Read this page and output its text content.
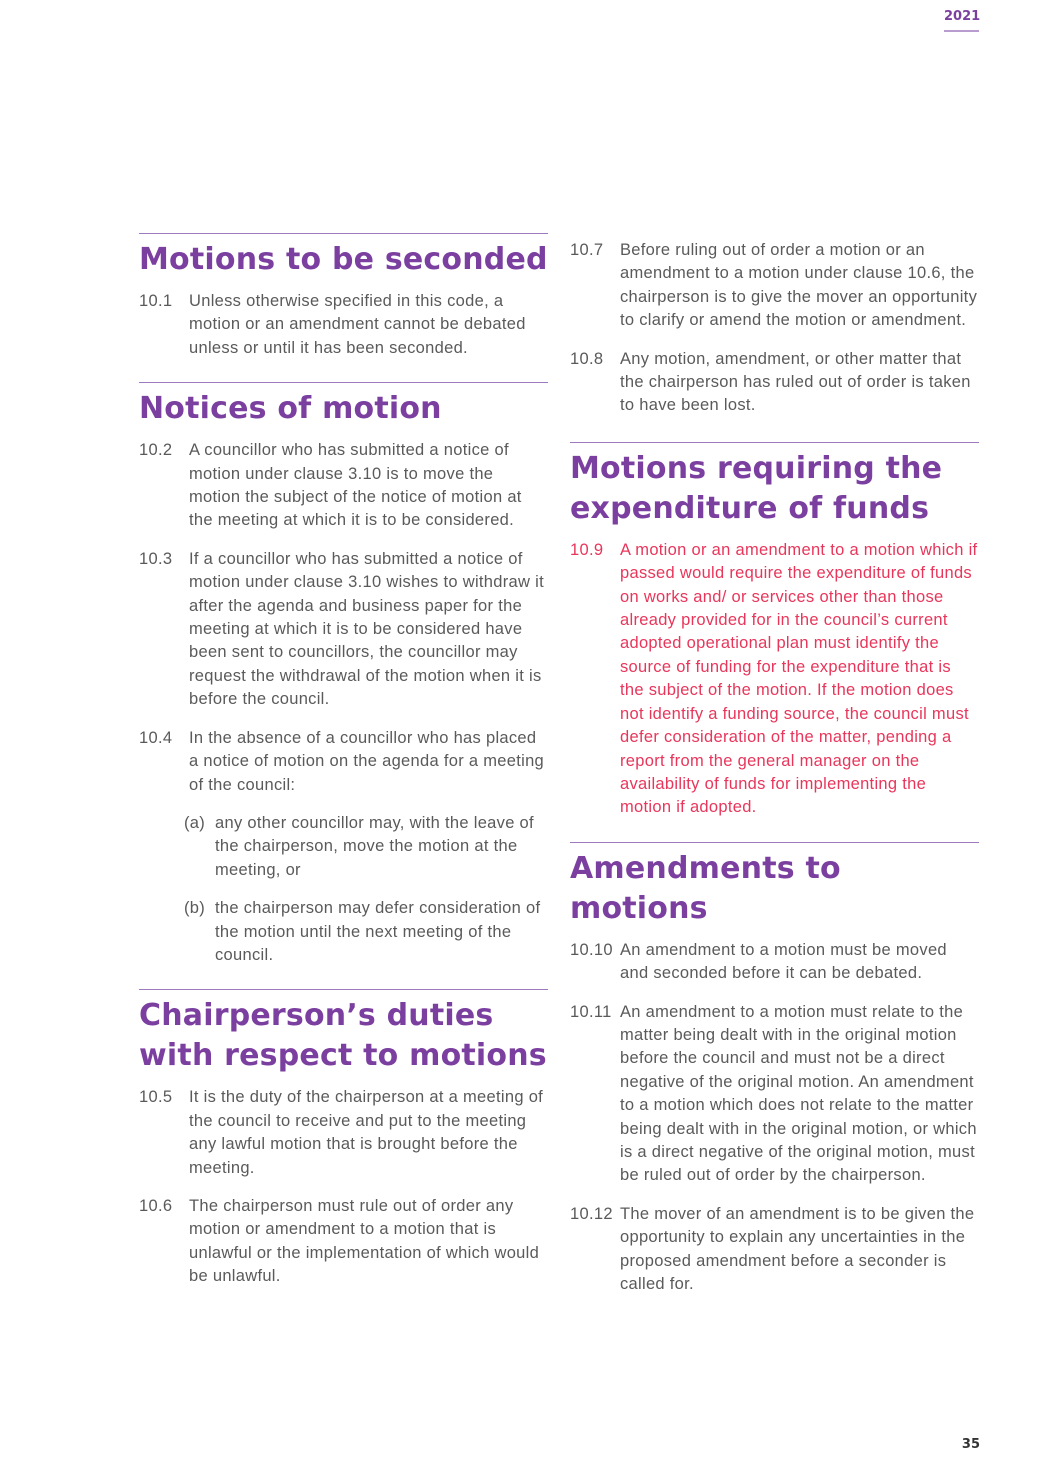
2021
Motions to be seconded
10.1	Unless otherwise specified in this code, a motion or an amendment cannot be debated unless or until it has been seconded.
Notices of motion
10.2	A councillor who has submitted a notice of motion under clause 3.10 is to move the motion the subject of the notice of motion at the meeting at which it is to be considered.
10.3	If a councillor who has submitted a notice of motion under clause 3.10 wishes to withdraw it after the agenda and business paper for the meeting at which it is to be considered have been sent to councillors, the councillor may request the withdrawal of the motion when it is before the council.
10.4	In the absence of a councillor who has placed a notice of motion on the agenda for a meeting of the council:
(a) any other councillor may, with the leave of the chairperson, move the motion at the meeting, or
(b) the chairperson may defer consideration of the motion until the next meeting of the council.
Chairperson’s duties
with respect to motions
10.5	It is the duty of the chairperson at a meeting of the council to receive and put to the meeting any lawful motion that is brought before the meeting.
10.6	The chairperson must rule out of order any motion or amendment to a motion that is unlawful or the implementation of which would be unlawful.
10.7	Before ruling out of order a motion or an amendment to a motion under clause 10.6, the chairperson is to give the mover an opportunity to clarify or amend the motion or amendment.
10.8	Any motion, amendment, or other matter that the chairperson has ruled out of order is taken to have been lost.
Motions requiring the
expenditure of funds
10.9	A motion or an amendment to a motion which if passed would require the expenditure of funds on works and/ or services other than those already provided for in the council’s current adopted operational plan must identify the source of funding for the expenditure that is the subject of the motion. If the motion does not identify a funding source, the council must defer consideration of the matter, pending a report from the general manager on the availability of funds for implementing the motion if adopted.
Amendments to motions
10.10 An amendment to a motion must be moved and seconded before it can be debated.
10.11 An amendment to a motion must relate to the matter being dealt with in the original motion before the council and must not be a direct negative of the original motion. An amendment to a motion which does not relate to the matter being dealt with in the original motion, or which is a direct negative of the original motion, must be ruled out of order by the chairperson.
10.12 The mover of an amendment is to be given the opportunity to explain any uncertainties in the proposed amendment before a seconder is called for.
35
